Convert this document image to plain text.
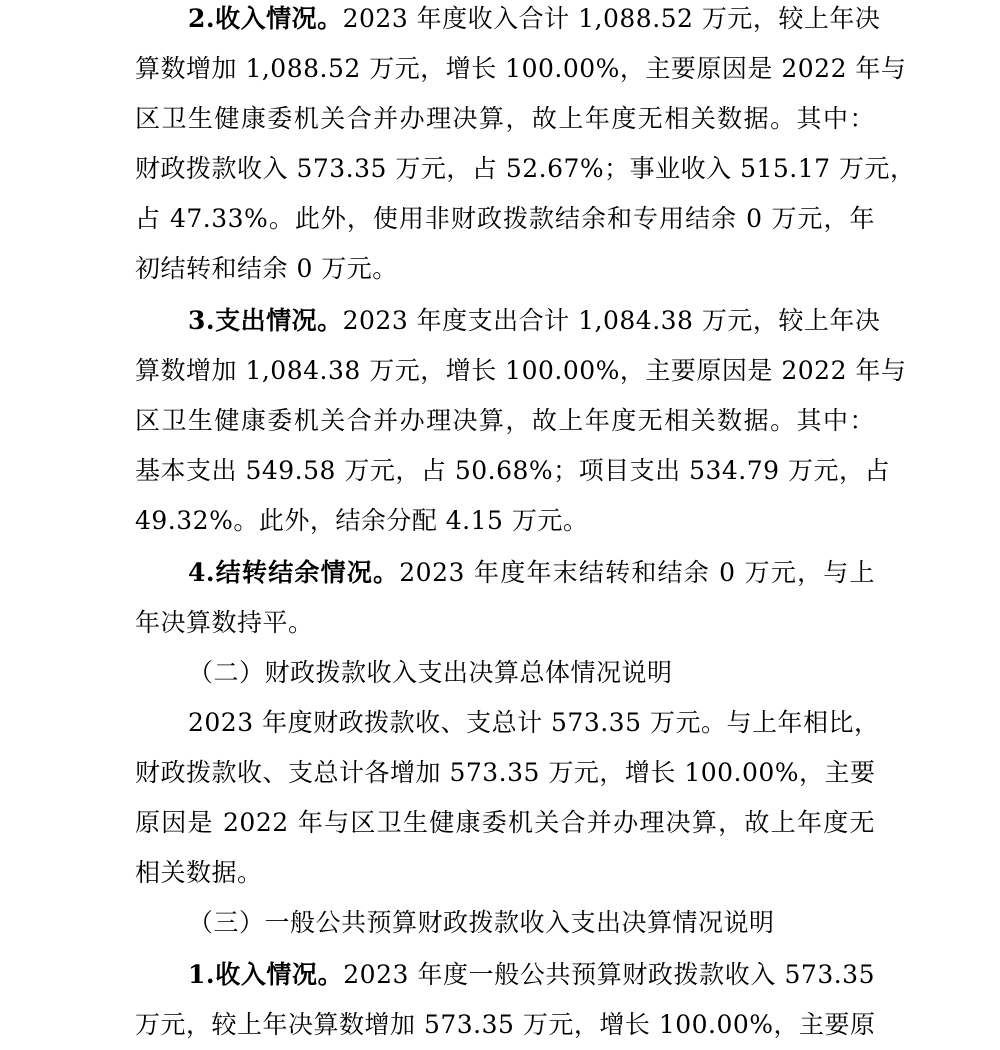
2.收入情况。2023 年度收入合计 1,088.52 万元，较上年决
算数增加 1,088.52 万元，增长 100.00%，主要原因是 2022 年与
区卫生健康委机关合并办理决算，故上年度无相关数据。其中：
财政拨款收入 573.35 万元，占 52.67%；事业收入 515.17 万元，
占 47.33%。此外，使用非财政拨款结余和专用结余 0 万元，年
初结转和结余 0 万元。
3.支出情况。2023 年度支出合计 1,084.38 万元，较上年决
算数增加 1,084.38 万元，增长 100.00%，主要原因是 2022 年与
区卫生健康委机关合并办理决算，故上年度无相关数据。其中：
基本支出 549.58 万元，占 50.68%；项目支出 534.79 万元，占
49.32%。此外，结余分配 4.15 万元。
4.结转结余情况。2023 年度年末结转和结余 0 万元，与上
年决算数持平。
（二）财政拨款收入支出决算总体情况说明
2023 年度财政拨款收、支总计 573.35 万元。与上年相比，
财政拨款收、支总计各增加 573.35 万元，增长 100.00%，主要
原因是 2022 年与区卫生健康委机关合并办理决算，故上年度无
相关数据。
（三）一般公共预算财政拨款收入支出决算情况说明
1.收入情况。2023 年度一般公共预算财政拨款收入 573.35
万元，较上年决算数增加 573.35 万元，增长 100.00%，主要原
